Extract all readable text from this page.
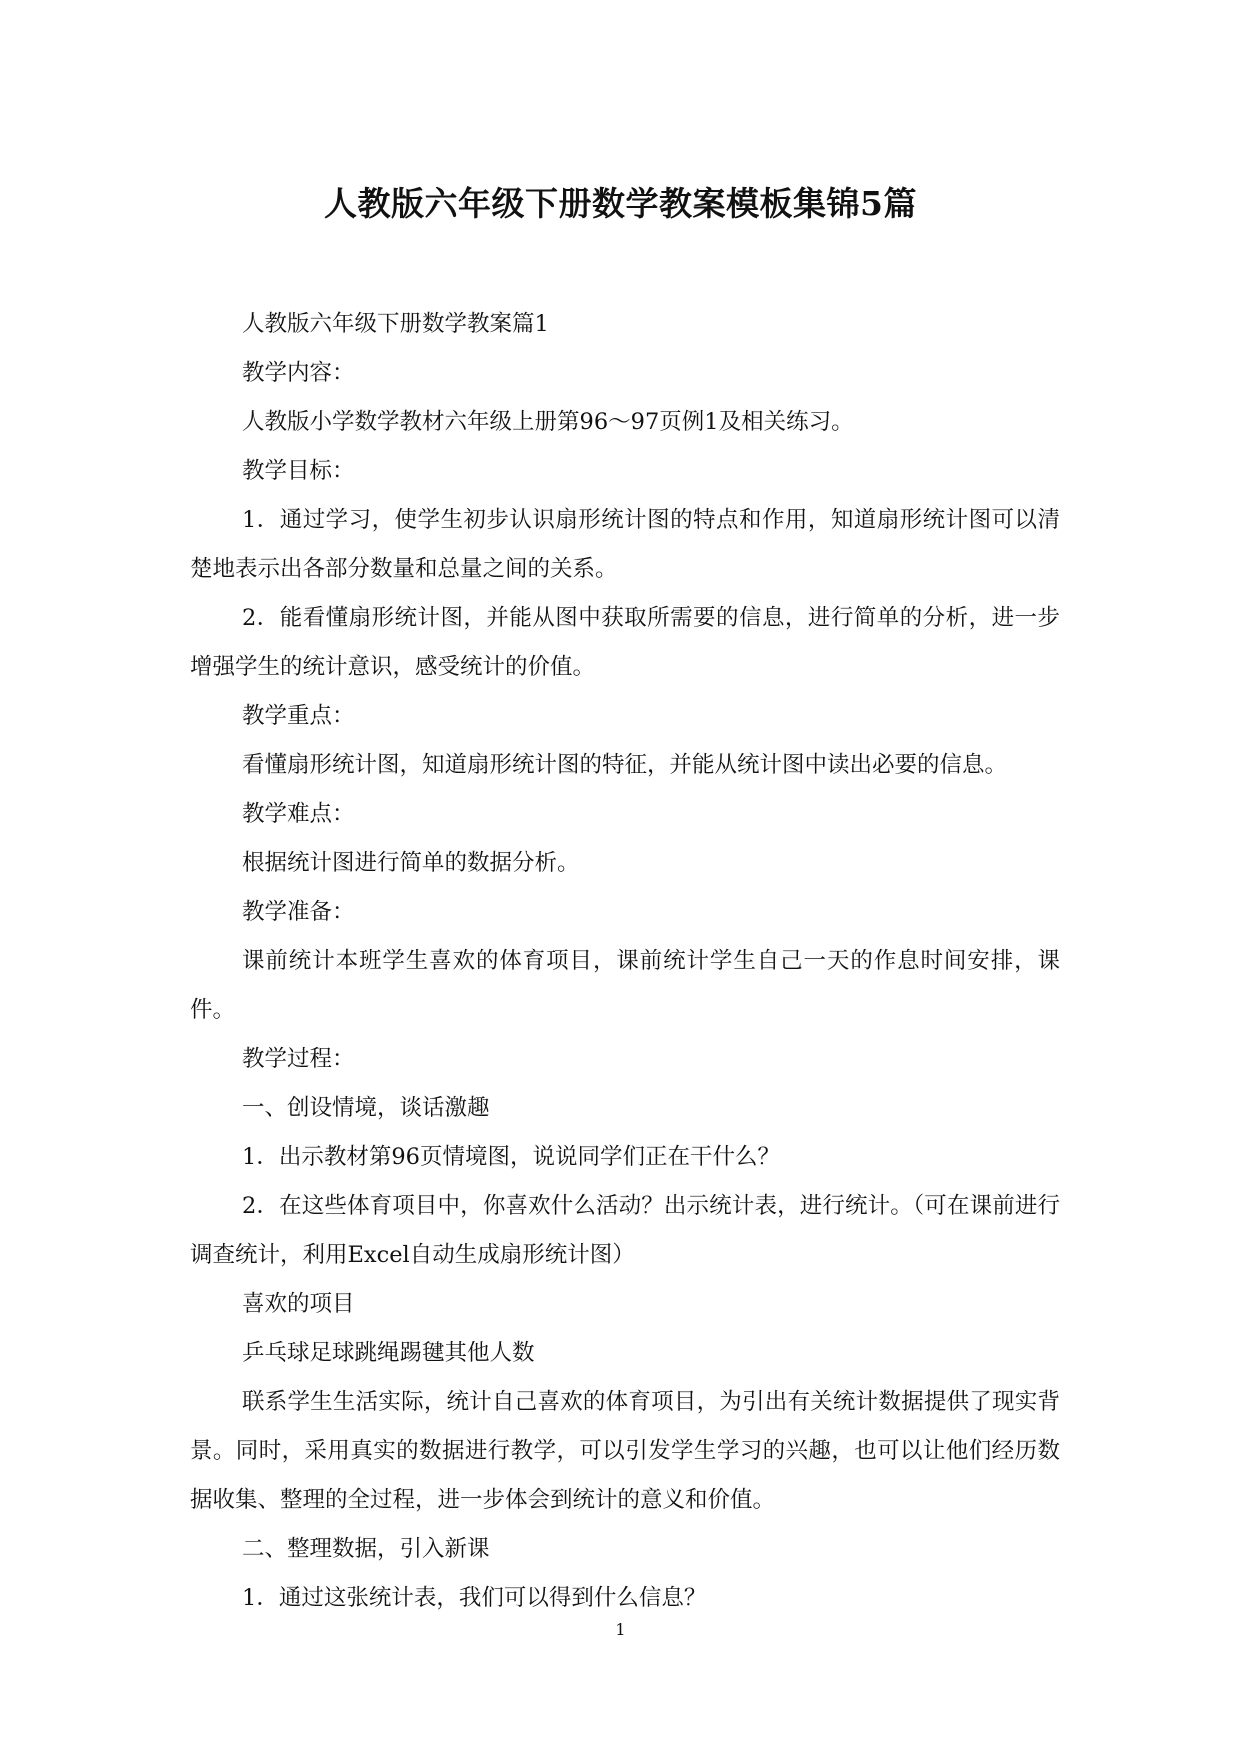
人教版六年级下册数学教案模板集锦5篇

人教版六年级下册数学教案篇1

教学内容：

人教版小学数学教材六年级上册第96～97页例1及相关练习。

教学目标：

1．通过学习，使学生初步认识扇形统计图的特点和作用，知道扇形统计图可以清楚地表示出各部分数量和总量之间的关系。

2．能看懂扇形统计图，并能从图中获取所需要的信息，进行简单的分析，进一步增强学生的统计意识，感受统计的价值。

教学重点：

看懂扇形统计图，知道扇形统计图的特征，并能从统计图中读出必要的信息。

教学难点：

根据统计图进行简单的数据分析。

教学准备：

课前统计本班学生喜欢的体育项目，课前统计学生自己一天的作息时间安排，课件。

教学过程：

一、创设情境，谈话激趣

1．出示教材第96页情境图，说说同学们正在干什么？

2．在这些体育项目中，你喜欢什么活动？出示统计表，进行统计。（可在课前进行调查统计，利用Excel自动生成扇形统计图）

喜欢的项目

乒乓球足球跳绳踢毽其他人数

联系学生生活实际，统计自己喜欢的体育项目，为引出有关统计数据提供了现实背景。同时，采用真实的数据进行教学，可以引发学生学习的兴趣，也可以让他们经历数据收集、整理的全过程，进一步体会到统计的意义和价值。

二、整理数据，引入新课

1．通过这张统计表，我们可以得到什么信息？

1
